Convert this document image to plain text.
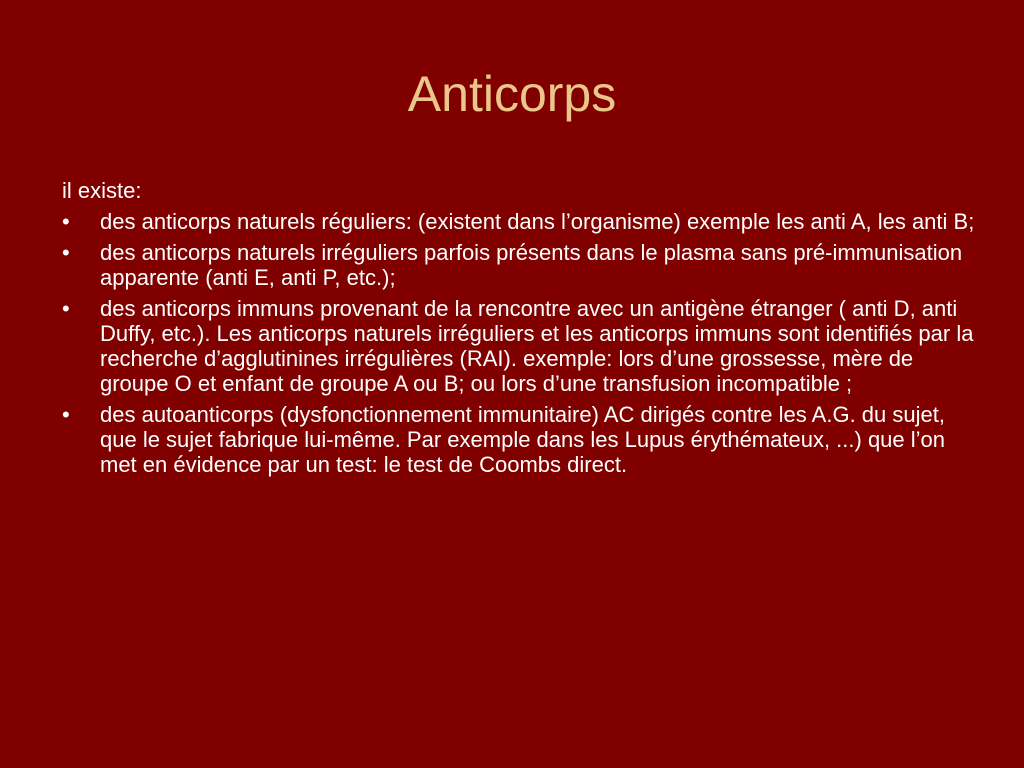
Anticorps

il existe:

•	des anticorps naturels réguliers: (existent dans l’organisme) exemple les anti A, les anti B;
•	des anticorps naturels irréguliers parfois présents dans le plasma sans pré-immunisation apparente (anti E, anti P, etc.);
•	des anticorps immuns provenant de la rencontre avec un antigène étranger ( anti D, anti Duffy, etc.). Les anticorps naturels irréguliers et les anticorps immuns sont identifiés par la recherche d’agglutinines irrégulières (RAI). exemple: lors d’une grossesse, mère de groupe O et enfant de groupe A ou B; ou lors d’une transfusion incompatible ;
•	des autoanticorps (dysfonctionnement immunitaire) AC dirigés contre les A.G. du sujet, que le sujet fabrique lui-même. Par exemple dans les Lupus érythémateux, ...) que l’on met en évidence par un test: le test de Coombs direct.
